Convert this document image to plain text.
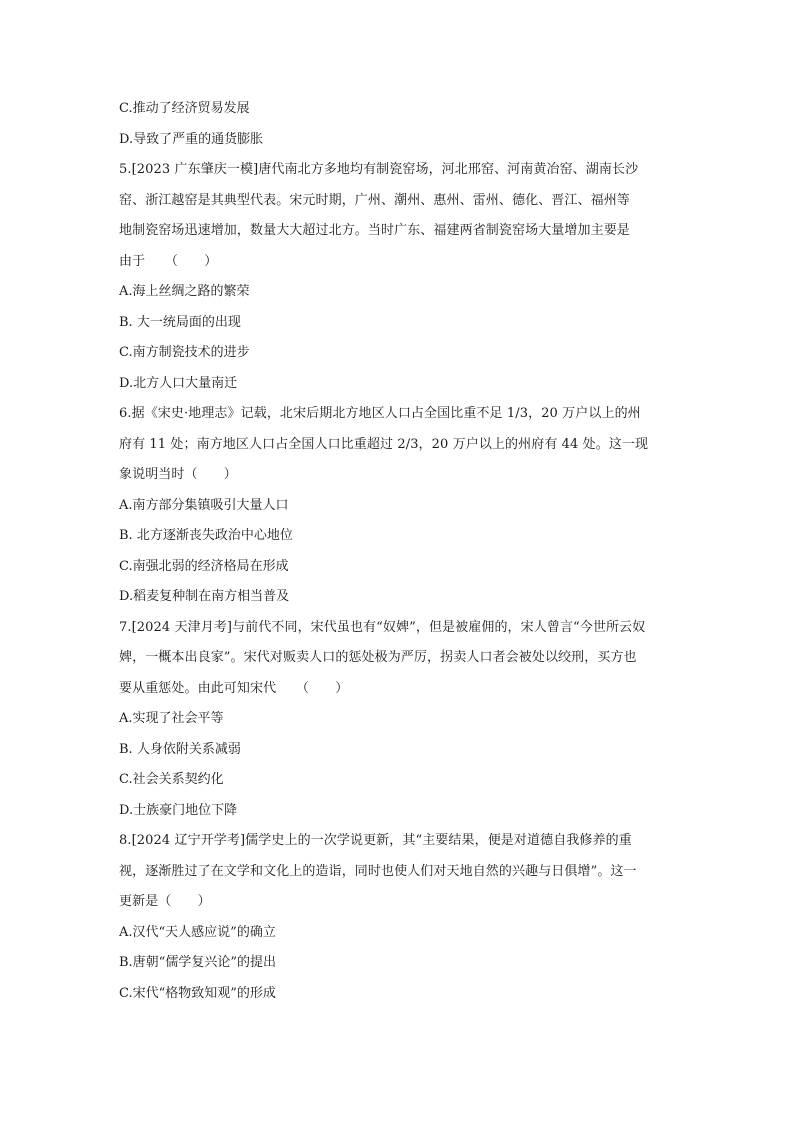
C.推动了经济贸易发展
D.导致了严重的通货膨胀
5.[2023 广东肇庆一模]唐代南北方多地均有制瓷窑场，河北邢窑、河南黄冶窑、湖南长沙
窑、浙江越窑是其典型代表。宋元时期，广州、潮州、惠州、雷州、德化、晋江、福州等
地制瓷窑场迅速增加，数量大大超过北方。当时广东、福建两省制瓷窑场大量增加主要是
由于　　（　　）
A.海上丝绸之路的繁荣
B. 大一统局面的出现
C.南方制瓷技术的进步
D.北方人口大量南迁
6.据《宋史·地理志》记载，北宋后期北方地区人口占全国比重不足 1/3，20 万户以上的州
府有 11 处；南方地区人口占全国人口比重超过 2/3，20 万户以上的州府有 44 处。这一现
象说明当时（　　）
A.南方部分集镇吸引大量人口
B. 北方逐渐丧失政治中心地位
C.南强北弱的经济格局在形成
D.稻麦复种制在南方相当普及
7.[2024 天津月考]与前代不同，宋代虽也有“奴婢”，但是被雇佣的，宋人曾言“今世所云奴
婢，一概本出良家”。宋代对贩卖人口的惩处极为严厉，拐卖人口者会被处以绞刑，买方也
要从重惩处。由此可知宋代　　（　　）
A.实现了社会平等
B. 人身依附关系减弱
C.社会关系契约化
D.士族豪门地位下降
8.[2024 辽宁开学考]儒学史上的一次学说更新，其“主要结果，便是对道德自我修养的重
视，逐渐胜过了在文学和文化上的造诣，同时也使人们对天地自然的兴趣与日俱增”。这一
更新是（　　）
A.汉代“天人感应说”的确立
B.唐朝“儒学复兴论”的提出
C.宋代“格物致知观”的形成
